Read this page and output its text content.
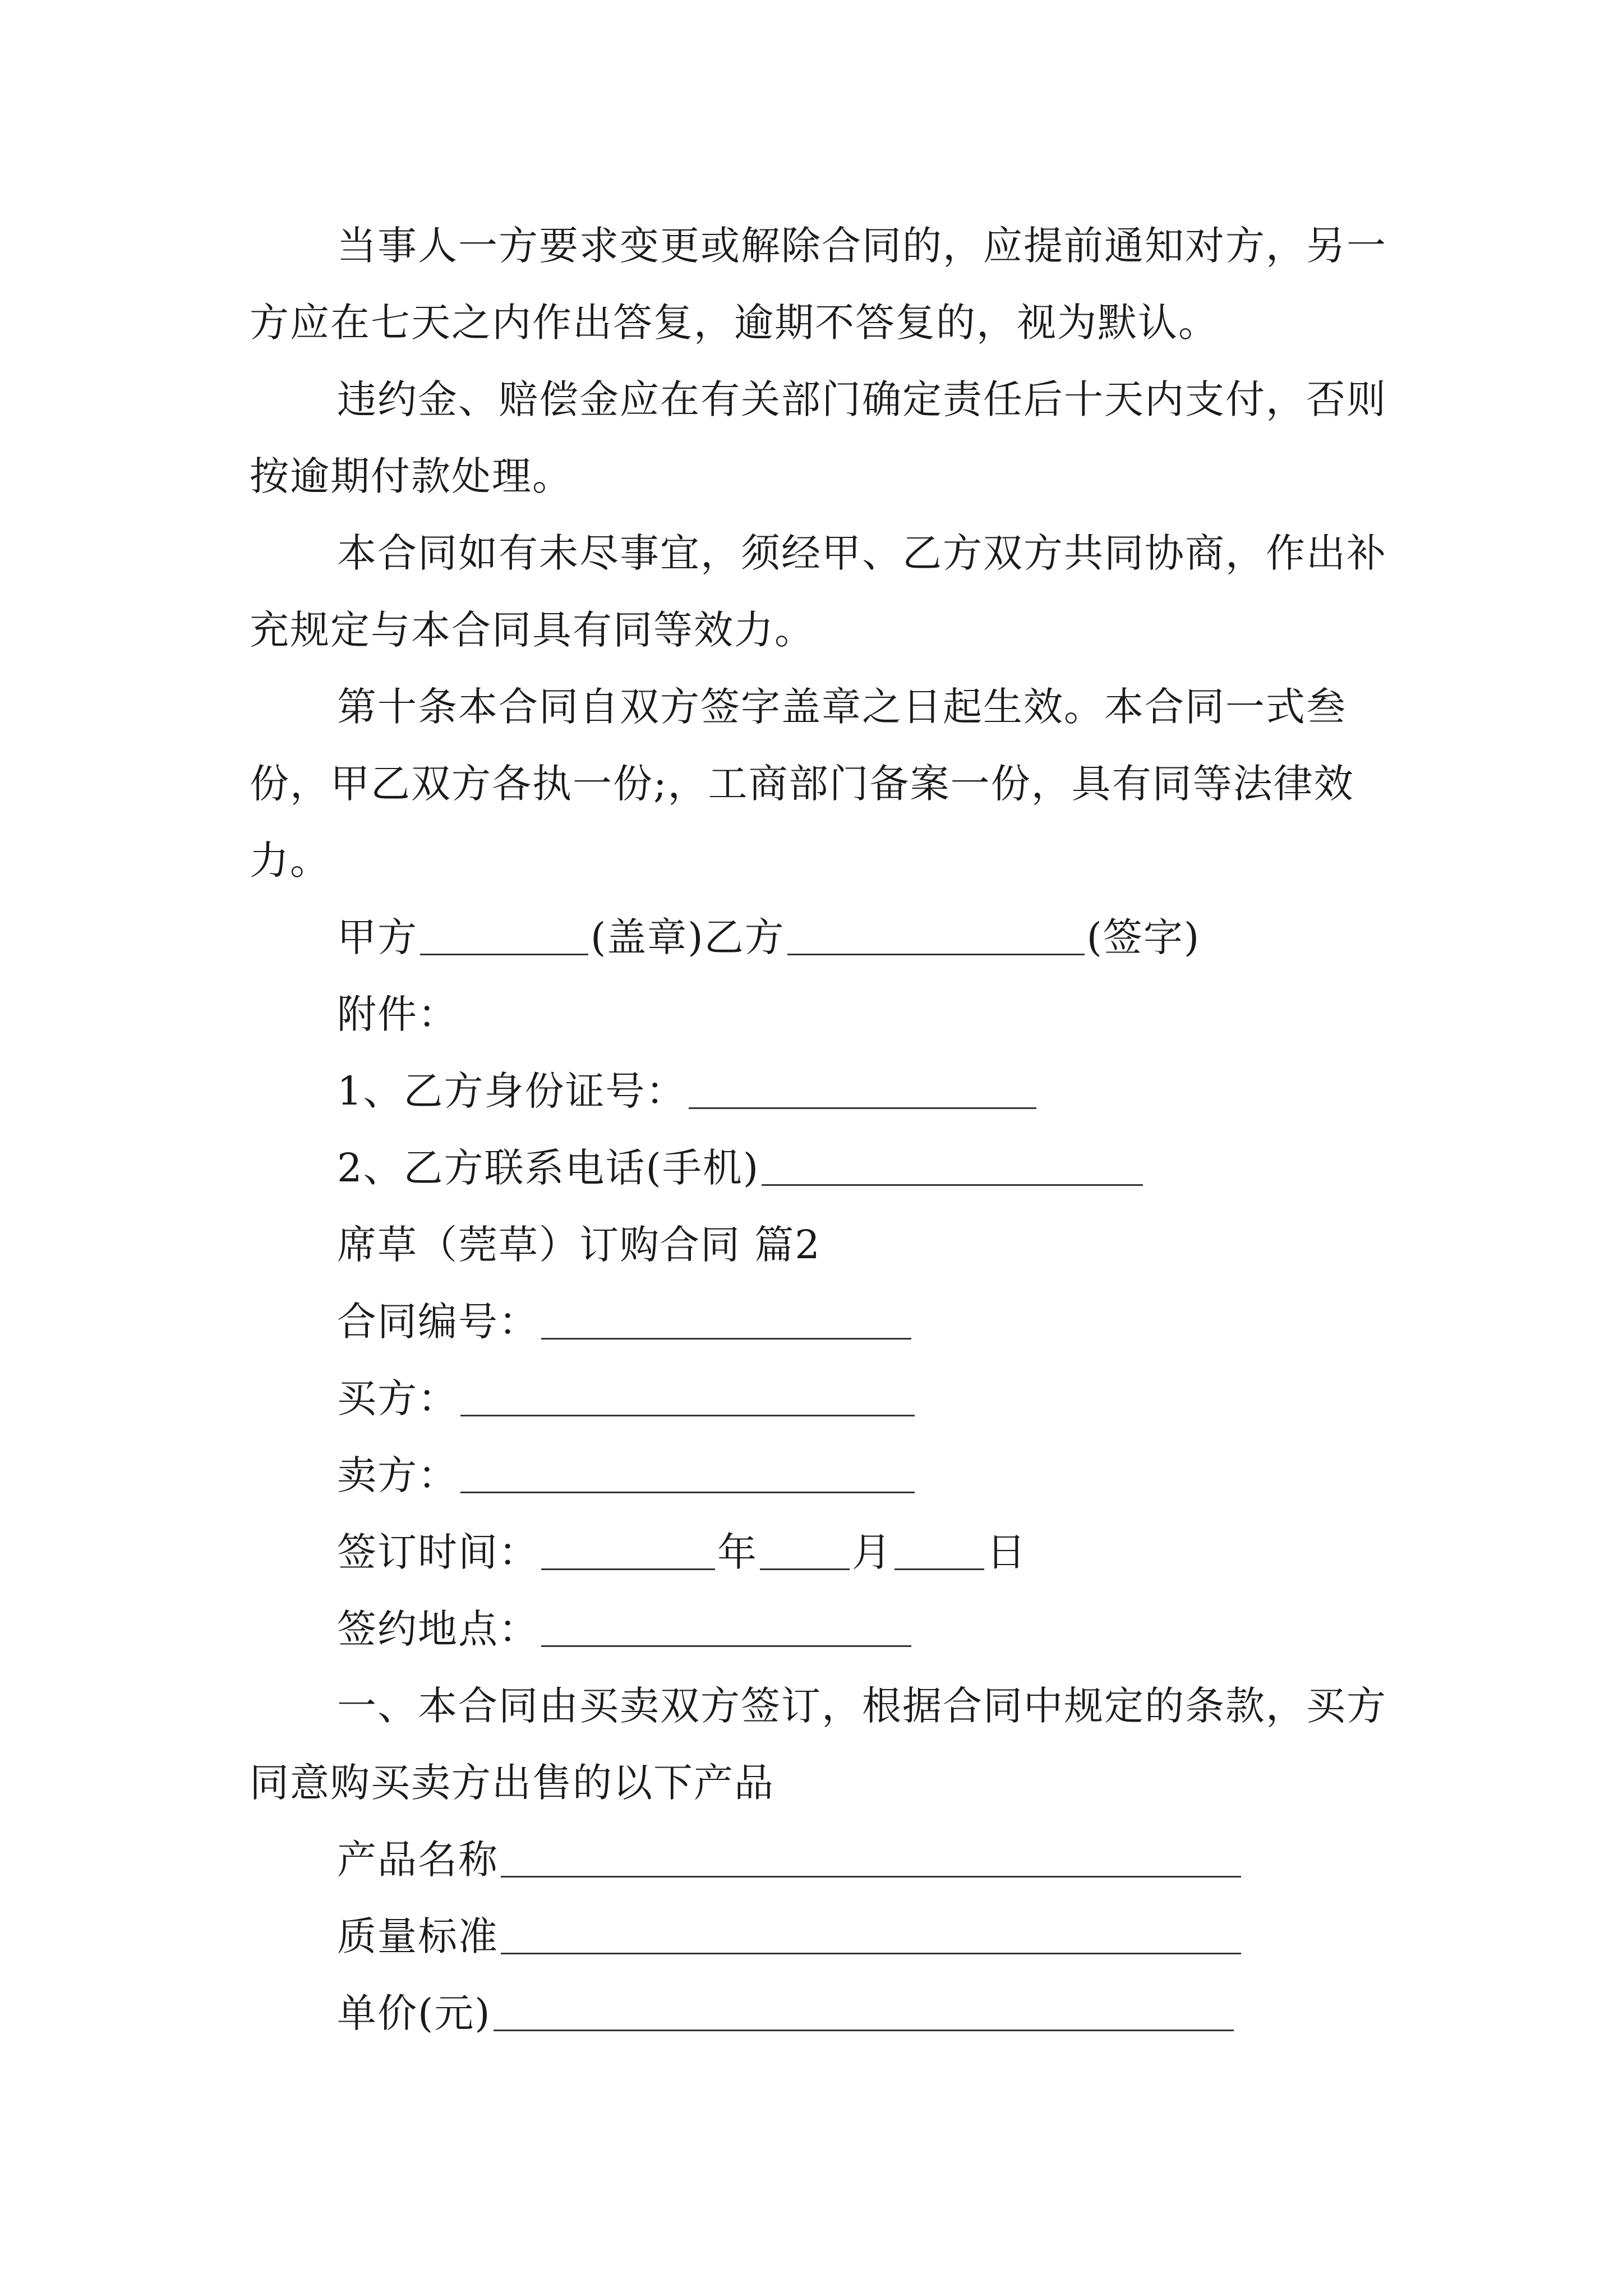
当事人一方要求变更或解除合同的，应提前通知对方，另一方应在七天之内作出答复，逾期不答复的，视为默认。

违约金、赔偿金应在有关部门确定责任后十天内支付，否则按逾期付款处理。

本合同如有未尽事宜，须经甲、乙方双方共同协商，作出补充规定与本合同具有同等效力。

第十条本合同自双方签字盖章之日起生效。本合同一式叁份，甲乙双方各执一份;，工商部门备案一份，具有同等法律效力。

甲方	(盖章)乙方	(签字)
附件：
1、乙方身份证号：
2、乙方联系电话(手机)
席草（莞草）订购合同 篇2
合同编号：
买方：
卖方：
签订时间：	年 月 日
签约地点：

一、本合同由买卖双方签订，根据合同中规定的条款，买方同意购买卖方出售的以下产品

产品名称
质量标准
单价(元)
